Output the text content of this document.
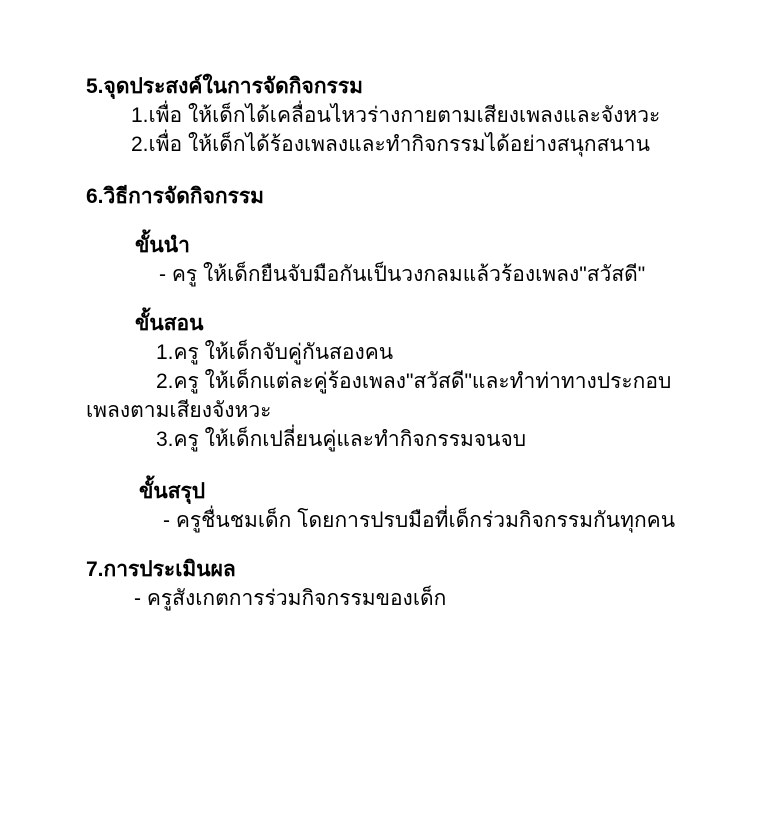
5.จุดประสงค์ในการจัดกิจกรรม
1.เพื่อ ให้เด็กได้เคลื่อนไหวร่างกายตามเสียงเพลงและจังหวะ
2.เพื่อ ให้เด็กได้ร้องเพลงและทำกิจกรรมได้อย่างสนุกสนาน
6.วิธีการจัดกิจกรรม
ขั้นนำ
- ครู ให้เด็กยืนจับมือกันเป็นวงกลมแล้วร้องเพลง"สวัสดี"
ขั้นสอน
1.ครู ให้เด็กจับคู่กันสองคน
2.ครู ให้เด็กแต่ละคู่ร้องเพลง"สวัสดี"และทำท่าทางประกอบ
เพลงตามเสียงจังหวะ
3.ครู ให้เด็กเปลี่ยนคู่และทำกิจกรรมจนจบ
ขั้นสรุป
- ครูชื่นชมเด็ก โดยการปรบมือที่เด็กร่วมกิจกรรมกันทุกคน
7.การประเมินผล
- ครูสังเกตการร่วมกิจกรรมของเด็ก
